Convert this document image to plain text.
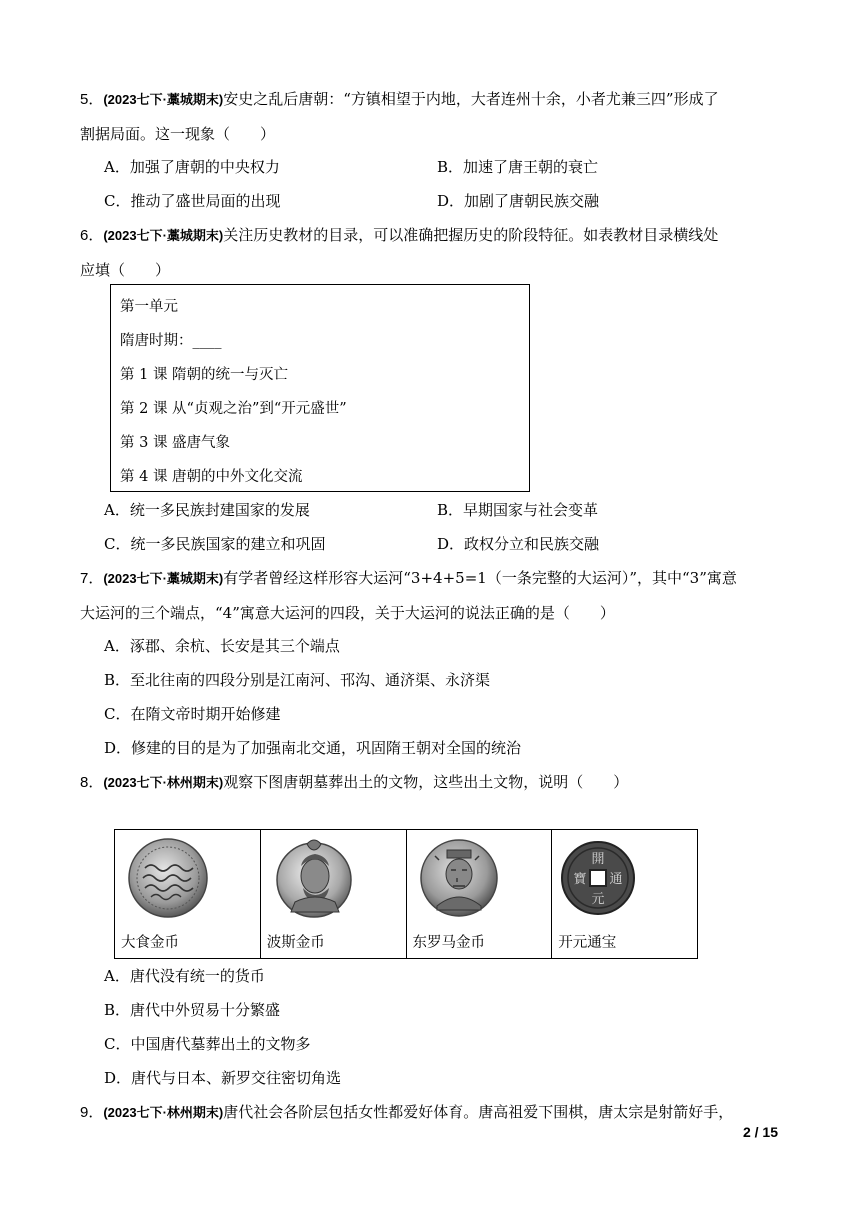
5．(2023七下·藁城期末)安史之乱后唐朝：“方镇相望于内地，大者连州十余，小者尤兼三四”形成了
割据局面。这一现象（　　）
A．加强了唐朝的中央权力	B．加速了唐王朝的衰亡
C．推动了盛世局面的出现	D．加剧了唐朝民族交融
6．(2023七下·藁城期末)关注历史教材的目录，可以准确把握历史的阶段特征。如表教材目录横线处
应填（　　）
第一单元
隋唐时期：____
第 1 课 隋朝的统一与灭亡
第 2 课 从“贞观之治”到“开元盛世”
第 3 课 盛唐气象
第 4 课 唐朝的中外文化交流
A．统一多民族封建国家的发展	B．早期国家与社会变革
C．统一多民族国家的建立和巩固	D．政权分立和民族交融
7．(2023七下·藁城期末)有学者曾经这样形容大运河“3+4+5=1（一条完整的大运河）”，其中“3”寓意
大运河的三个端点，“4”寓意大运河的四段，关于大运河的说法正确的是（　　）
A．涿郡、余杭、长安是其三个端点
B．至北往南的四段分别是江南河、邗沟、通济渠、永济渠
C．在隋文帝时期开始修建
D．修建的目的是为了加强南北交通，巩固隋王朝对全国的统治
8．(2023七下·林州期末)观察下图唐朝墓葬出土的文物，这些出土文物，说明（　　）
大食金币	波斯金币	东罗马金币
開
通
元
寶
开元通宝
A．唐代没有统一的货币
B．唐代中外贸易十分繁盛
C．中国唐代墓葬出土的文物多
D．唐代与日本、新罗交往密切角选
9．(2023七下·林州期末)唐代社会各阶层包括女性都爱好体育。唐高祖爱下围棋，唐太宗是射箭好手，
2 / 15
